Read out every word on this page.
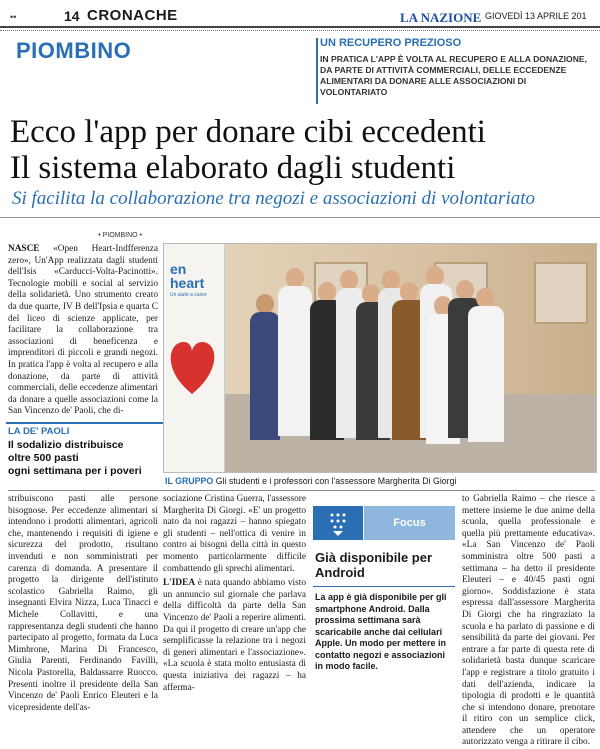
••	14 CRONACHE	LA NAZIONE GIOVEDÌ 13 APRILE 201
PIOMBINO	UN RECUPERO PREZIOSO
IN PRATICA L'APP È VOLTA AL RECUPERO E ALLA DONAZIONE, DA PARTE DI ATTIVITÀ COMMERCIALI, DELLE ECCEDENZE ALIMENTARI DA DONARE ALLE ASSOCIAZIONI DI VOLONTARIATO
Ecco l'app per donare cibi eccedenti
Il sistema elaborato dagli studenti
Si facilita la collaborazione tra negozi e associazioni di volontariato
• PIOMBINO •
NASCE «Open Heart-Indfferenza zero», Un'App realizzata dagli studenti dell'Isis «Carducci-Volta-Pacinotti». Tecnologie mobili e social al servizio della solidarietà. Uno strumento creato da due quarte, IV B dell'Ipsia e quarta C del liceo di scienze applicate, per facilitare la collaborazione tra associazioni di beneficenza e imprenditori di piccoli e grandi negozi. In pratica l'app è volta al recupero e alla donazione, da parte di attività commerciali, delle eccedenze alimentari da donare a quelle associazioni come la San Vincenzo de' Paoli, che di-
LA DE' PAOLI
Il sodalizio distribuisce
oltre 500 pasti
ogni settimana per i poveri
en
heart
Un aiuto a cuore
IL GRUPPO Gli studenti e i professori con l'assessore Margherita Di Giorgi
stribuiscono pasti alle persone bisognose. Per eccedenze alimentari si intendono i prodotti alimentari, agricoli che, mantenendo i requisiti di igiene e sicurezza del prodotto, risultano invenduti e non somministrati per carenza di domanda. A presentare il progetto la dirigente dell'istituto scolastico Gabriella Raimo, gli insegnanti Elvira Nizza, Luca Tinacci e Michele Collavitti, e una rappresentanza degli studenti che hanno partecipato al progetto, formata da Luca Mimbrone, Marina Di Francesco, Giulia Parenti, Ferdinando Favilli, Nicola Pastorella, Baldassarre Ruocco. Presenti inoltre il presidente della San Vincenzo de' Paoli Enrico Eleuteri e la vicepresidente dell'as-
sociazione Cristina Guerra, l'assessore Margherita Di Giorgi. «E' un progetto nato da noi ragazzi – hanno spiegato gli studenti – nell'ottica di venire in contro ai bisogni della città in questo momento particolarmente difficile combattendo gli sprechi alimentari.
L'IDEA è nata quando abbiamo visto un annuncio sul giornale che parlava della difficoltà da parte della San Vincenzo de' Paoli a reperire alimenti. Da qui il progetto di creare un'app che semplificasse la relazione tra i negozi di generi alimentari e l'associazione». «La scuola è stata molto entusiasta di questa iniziativa dei ragazzi – ha afferma-
Focus
Già disponibile per Android
La app è già disponibile per gli smartphone Android. Dalla prossima settimana sarà scaricabile anche dai cellulari Apple. Un modo per mettere in contatto negozi e associazioni in modo facile.
to Gabriella Raimo – che riesce a mettere insieme le due anime della scuola, quella professionale e quella più prettamente educativa». «La San Vincenzo de' Paoli somministra oltre 500 pasti a settimana – ha detto il presidente Eleuteri – e 40/45 pasti ogni giorno». Soddisfazione è stata espressa dall'assessore Margherita Di Giorgi che ha ringraziato la scuola e ha parlato di passione e di sensibilità da parte dei giovani. Per entrare a far parte di questa rete di solidarietà basta dunque scaricare l'app e registrare a titolo gratuito i dati dell'azienda, indicare la tipologia di prodotti e le quantità che si intendono donare, prenotare il ritiro con un semplice click, attendere che un operatore autorizzato venga a ritirare il cibo.
